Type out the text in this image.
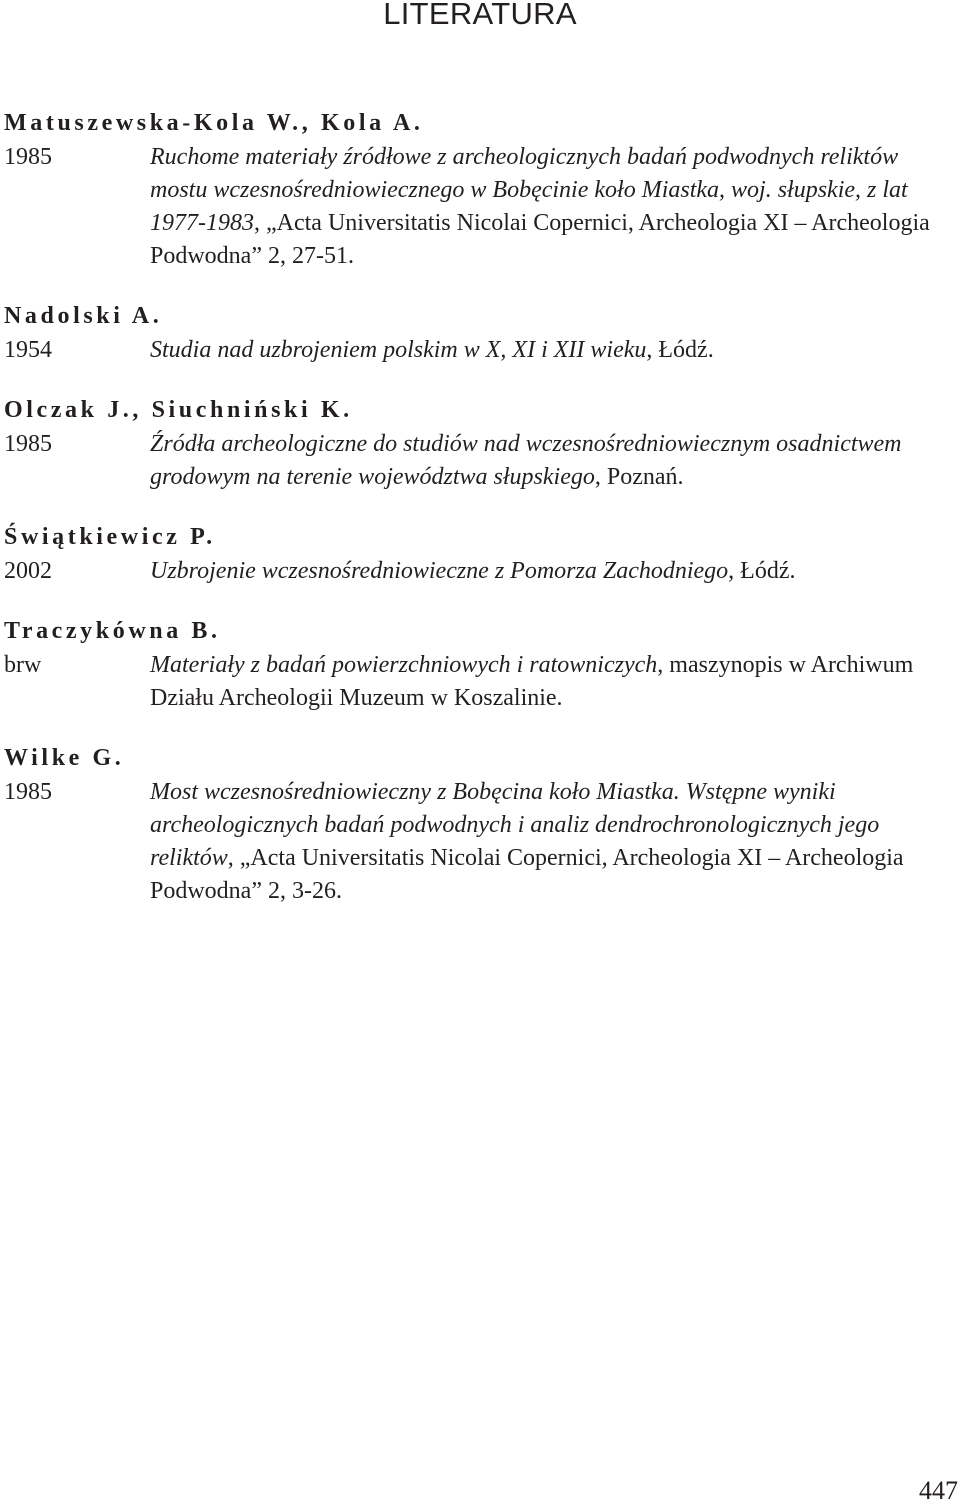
LITERATURA
Matuszewska-Kola W., Kola A.
1985	Ruchome materiały źródłowe z archeologicznych badań podwodnych reliktów mostu wczesnośredniowiecznego w Bobęcinie koło Miastka, woj. słupskie, z lat 1977-1983, „Acta Universitatis Nicolai Copernici, Archeologia XI – Archeologia Podwodna” 2, 27-51.
Nadolski A.
1954	Studia nad uzbrojeniem polskim w X, XI i XII wieku, Łódź.
Olczak J., Siuchniński K.
1985	Źródła archeologiczne do studiów nad wczesnośredniowiecznym osadnictwem grodowym na terenie województwa słupskiego, Poznań.
Świątkiewicz P.
2002	Uzbrojenie wczesnośredniowieczne z Pomorza Zachodniego, Łódź.
Traczykówna B.
brw	Materiały z badań powierzchniowych i ratowniczych, maszynopis w Archiwum Działu Archeologii Muzeum w Koszalinie.
Wilke G.
1985	Most wczesnośredniowieczny z Bobęcina koło Miastka. Wstępne wyniki archeologicznych badań podwodnych i analiz dendrochronologicznych jego reliktów, „Acta Universitatis Nicolai Copernici, Archeologia XI – Archeologia Podwodna” 2, 3-26.
447
